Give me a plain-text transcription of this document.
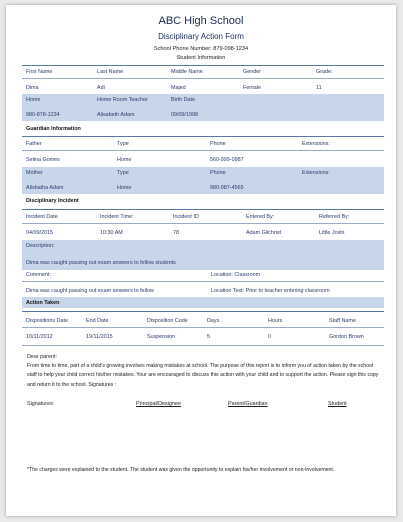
ABC High School
Disciplinary Action Form
School Phone Number: 879-098-1234
Student Information
First Name	Last Name	Middle Name	Gender	Grade:
Dima	Adi	Majed	Female	11
Home	Home Room Teacher	Birth Date
980-878-1234	Alisabeth Adam	09/09/1998
Guardian Information
Father	Type	Phone	Extensions:
Selina Gomes	Home	560-999-0987
Mother	Type	Phone	Extensions:
Alisbatha Adam	Home	980-987-4565
Disciplinary Incident
Incident Date	Incident Time:	Incident ID	Entered By:	Referred By:
04/09/2015	10:30 AM	78	Adam Gilchrist	Little Joshi
Description:
Dima was caught passing out exam answers to fellow students
Comment:	Location: Classroom
Dima was caught passing out exam answers to fellow	Location Text: Prior to teacher entering classroom
Action Taken
Dispositions Date	End Date	Disposition Code	Days	Hours	Staff Name
10/11/2012	19/11/2015	Suspension	5	0	Gordon Brown
Dear parent:
From time to time, part of a child's growing involves making mistakes at school. The purpose of this report is to inform you of action taken by the school staff to help your child correct his/her mistakes. Your are encouraged to discuss this action with your child and to support the action. Please sign this copy and return it to the school. Signatures :
Signatures:	Principal/Designee	Parent/Guardian	Student
*The charges were explained to the student. The student was given the opportunity to explain his/her involvement or non-involvement.
